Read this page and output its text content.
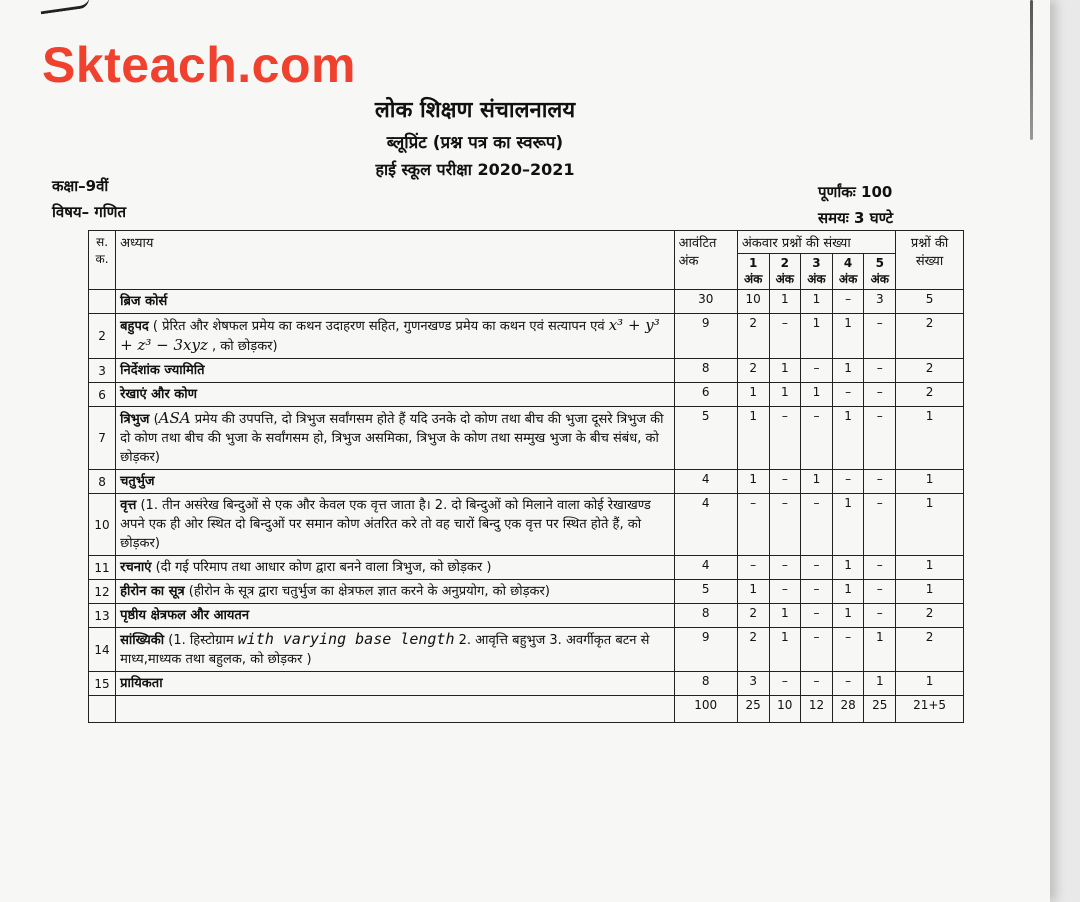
Skteach.com
लोक शिक्षण संचालनालय
ब्लूप्रिंट (प्रश्न पत्र का स्वरूप)
हाई स्कूल परीक्षा 2020–2021
कक्षा–9वीं
विषय– गणित
पूर्णांकः 100
समयः 3 घण्टे
स. क.	अध्याय	आवंटित अंक	अंकवार प्रश्नों की संख्या					प्रश्नों की संख्या
			1 अंक	2 अंक	3 अंक	4 अंक	5 अंक	
	ब्रिज कोर्स	30	10	1	1	–	3	5
2	बहुपद ( प्रेरित और शेषफल प्रमेय का कथन उदाहरण सहित, गुणनखण्ड प्रमेय का कथन एवं सत्यापन एवं x³ + y³ + z³ − 3xyz , को छोड़कर)	9	2	–	1	1	–	2
3	निर्देशांक ज्यामिति	8	2	1	–	1	–	2
6	रेखाएं और कोण	6	1	1	1	–	–	2
7	त्रिभुज (ASA प्रमेय की उपपत्ति, दो त्रिभुज सर्वांगसम होते हैं यदि उनके दो कोण तथा बीच की भुजा दूसरे त्रिभुज की दो कोण तथा बीच की भुजा के सर्वांगसम हो, त्रिभुज असमिका, त्रिभुज के कोण तथा सम्मुख भुजा के बीच संबंध, को छोड़कर)	5	1	–	–	1	–	1
8	चतुर्भुज	4	1	–	1	–	–	1
10	वृत्त (1. तीन असंरेख बिन्दुओं से एक और केवल एक वृत्त जाता है। 2. दो बिन्दुओं को मिलाने वाला कोई रेखाखण्ड अपने एक ही ओर स्थित दो बिन्दुओं पर समान कोण अंतरित करे तो वह चारों बिन्दु एक वृत्त पर स्थित होते हैं, को छोड़कर)	4	–	–	–	1	–	1
11	रचनाएं (दी गई परिमाप तथा आधार कोण द्वारा बनने वाला त्रिभुज, को छोड़कर )	4	–	–	–	1	–	1
12	हीरोन का सूत्र (हीरोन के सूत्र द्वारा चतुर्भुज का क्षेत्रफल ज्ञात करने के अनुप्रयोग, को छोड़कर)	5	1	–	–	1	–	1
13	पृष्ठीय क्षेत्रफल और आयतन	8	2	1	–	1	–	2
14	सांख्यिकी (1. हिस्टोग्राम with varying base length 2. आवृत्ति बहुभुज 3. अवर्गीकृत बटन से माध्य,माध्यक तथा बहुलक, को छोड़कर )	9	2	1	–	–	1	2
15	प्रायिकता	8	3	–	–	–	1	1
		100	25	10	12	28	25	21+5
